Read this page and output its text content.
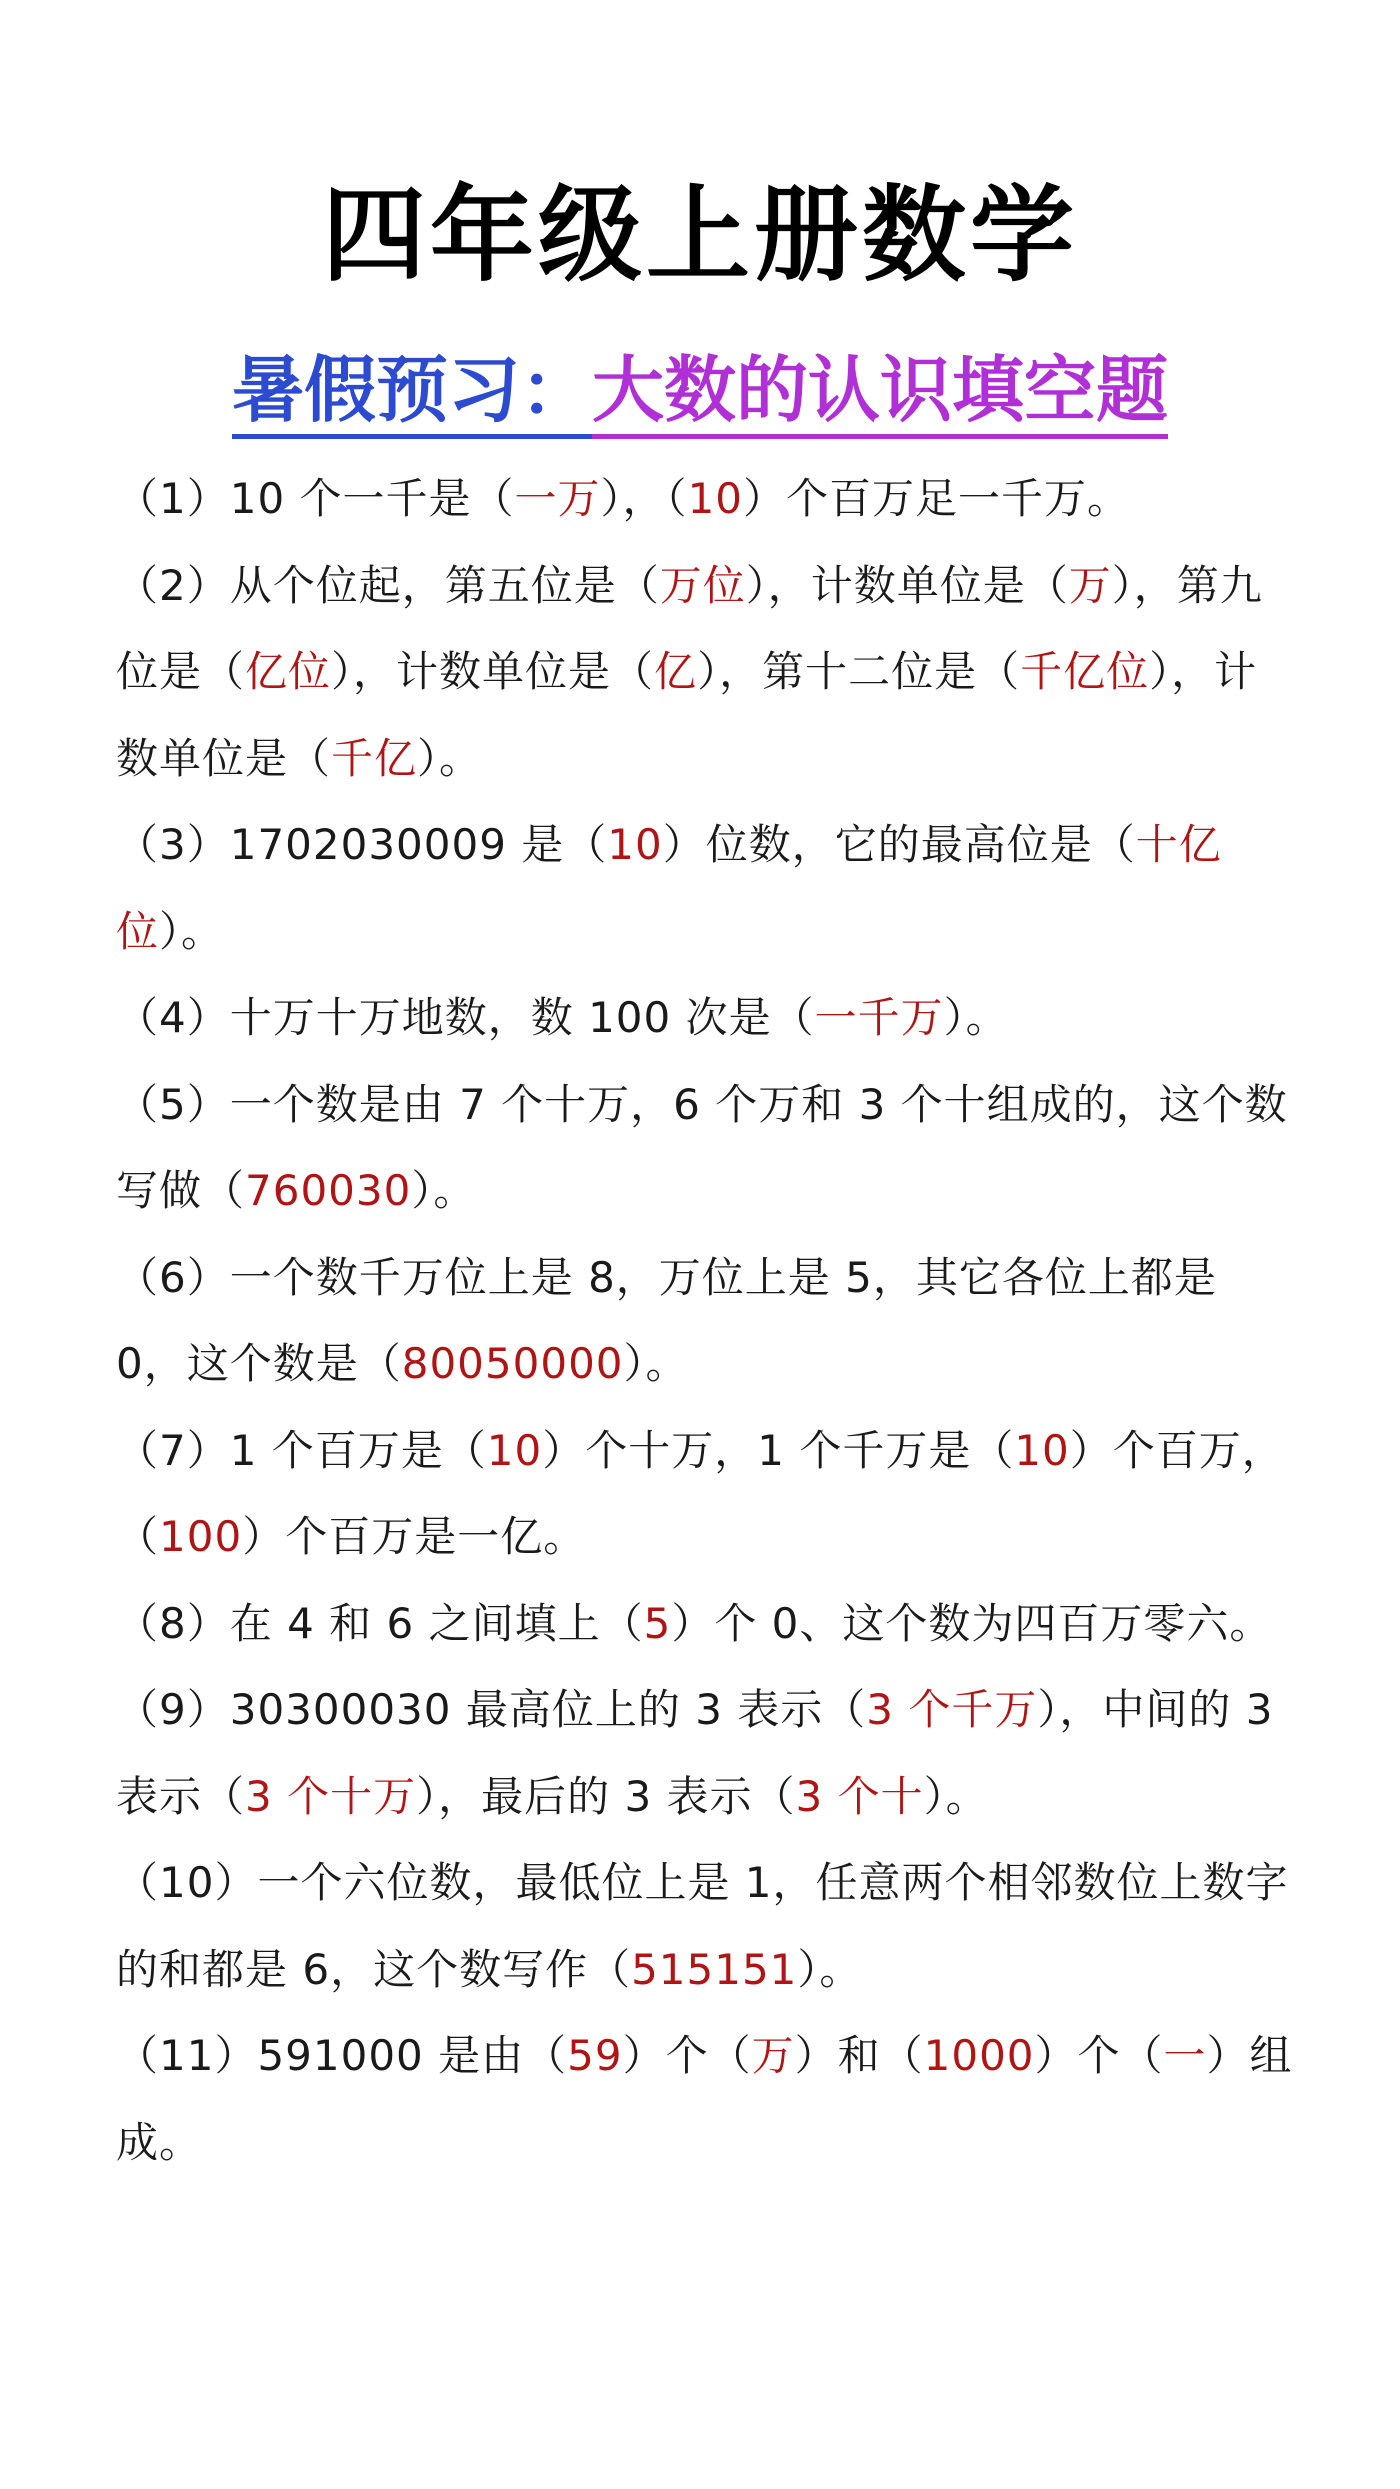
四年级上册数学
暑假预习：大数的认识填空题
（1）10 个一千是（一万），（10）个百万足一千万。
（2）从个位起，第五位是（万位），计数单位是（万），第九位是（亿位），计数单位是（亿），第十二位是（千亿位），计数单位是（千亿）。
（3）1702030009 是（10）位数，它的最高位是（十亿位）。
（4）十万十万地数，数 100 次是（一千万）。
（5）一个数是由 7 个十万，6 个万和 3 个十组成的，这个数写做（760030）。
（6）一个数千万位上是 8，万位上是 5，其它各位上都是 0，这个数是（80050000）。
（7）1 个百万是（10）个十万，1 个千万是（10）个百万，（100）个百万是一亿。
（8）在 4 和 6 之间填上（5）个 0、这个数为四百万零六。
（9）30300030 最高位上的 3 表示（3 个千万），中间的 3 表示（3 个十万），最后的 3 表示（3 个十）。
（10）一个六位数，最低位上是 1，任意两个相邻数位上数字的和都是 6，这个数写作（515151）。
（11）591000 是由（59）个（万）和（1000）个（一）组成。
